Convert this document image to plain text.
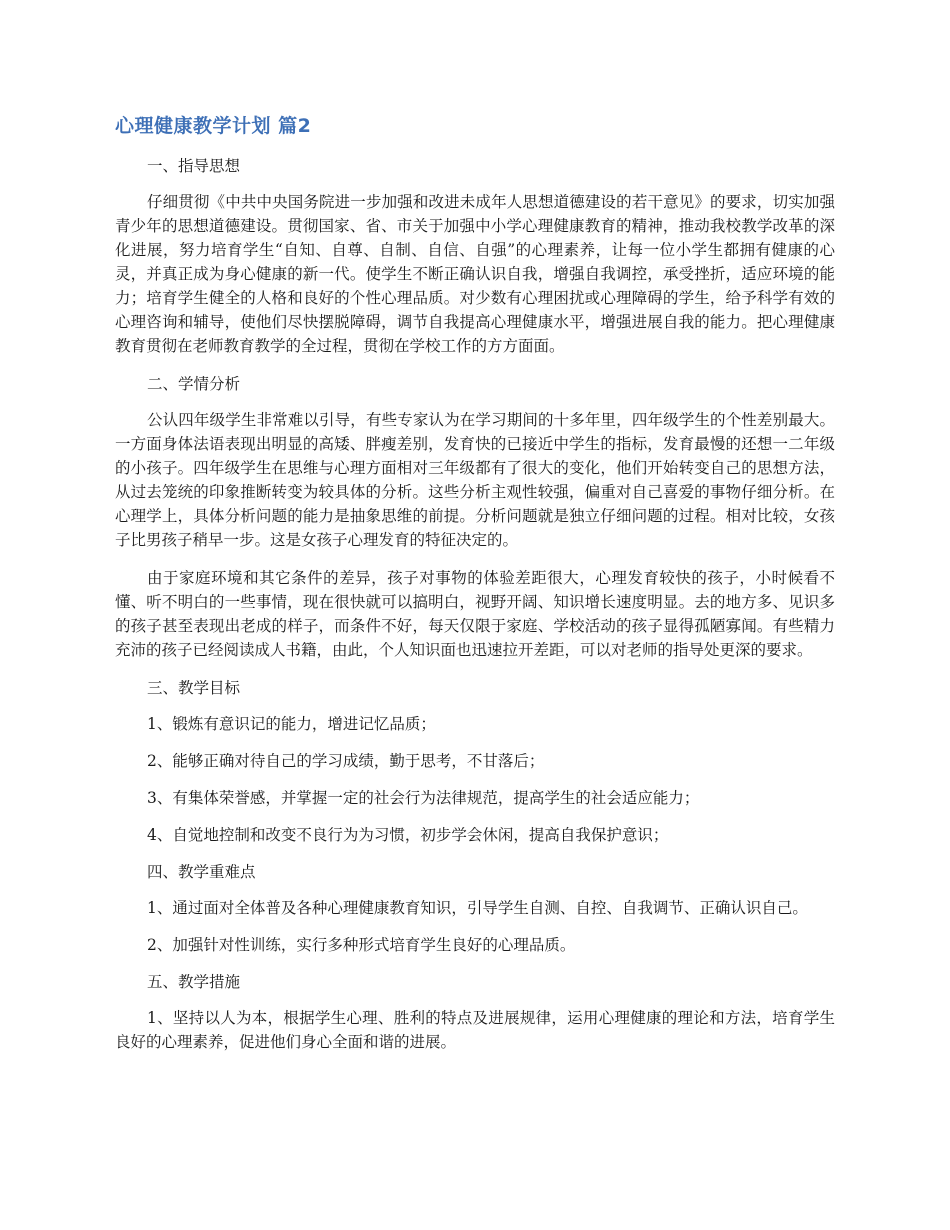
心理健康教学计划 篇2

一、指导思想

仔细贯彻《中共中央国务院进一步加强和改进未成年人思想道德建设的若干意见》的要求，切实加强青少年的思想道德建设。贯彻国家、省、市关于加强中小学心理健康教育的精神，推动我校教学改革的深化进展，努力培育学生“自知、自尊、自制、自信、自强”的心理素养，让每一位小学生都拥有健康的心灵，并真正成为身心健康的新一代。使学生不断正确认识自我，增强自我调控，承受挫折，适应环境的能力；培育学生健全的人格和良好的个性心理品质。对少数有心理困扰或心理障碍的学生，给予科学有效的心理咨询和辅导，使他们尽快摆脱障碍，调节自我提高心理健康水平，增强进展自我的能力。把心理健康教育贯彻在老师教育教学的全过程，贯彻在学校工作的方方面面。

二、学情分析

公认四年级学生非常难以引导，有些专家认为在学习期间的十多年里，四年级学生的个性差别最大。一方面身体法语表现出明显的高矮、胖瘦差别，发育快的已接近中学生的指标，发育最慢的还想一二年级的小孩子。四年级学生在思维与心理方面相对三年级都有了很大的变化，他们开始转变自己的思想方法，从过去笼统的印象推断转变为较具体的分析。这些分析主观性较强，偏重对自己喜爱的事物仔细分析。在心理学上，具体分析问题的能力是抽象思维的前提。分析问题就是独立仔细问题的过程。相对比较，女孩子比男孩子稍早一步。这是女孩子心理发育的特征决定的。

由于家庭环境和其它条件的差异，孩子对事物的体验差距很大，心理发育较快的孩子，小时候看不懂、听不明白的一些事情，现在很快就可以搞明白，视野开阔、知识增长速度明显。去的地方多、见识多的孩子甚至表现出老成的样子，而条件不好，每天仅限于家庭、学校活动的孩子显得孤陋寡闻。有些精力充沛的孩子已经阅读成人书籍，由此，个人知识面也迅速拉开差距，可以对老师的指导处更深的要求。

三、教学目标

1、锻炼有意识记的能力，增进记忆品质；

2、能够正确对待自己的学习成绩，勤于思考，不甘落后；

3、有集体荣誉感，并掌握一定的社会行为法律规范，提高学生的社会适应能力；

4、自觉地控制和改变不良行为为习惯，初步学会休闲，提高自我保护意识；

四、教学重难点

1、通过面对全体普及各种心理健康教育知识，引导学生自测、自控、自我调节、正确认识自己。

2、加强针对性训练，实行多种形式培育学生良好的心理品质。

五、教学措施

1、坚持以人为本，根据学生心理、胜利的特点及进展规律，运用心理健康的理论和方法，培育学生良好的心理素养，促进他们身心全面和谐的进展。
